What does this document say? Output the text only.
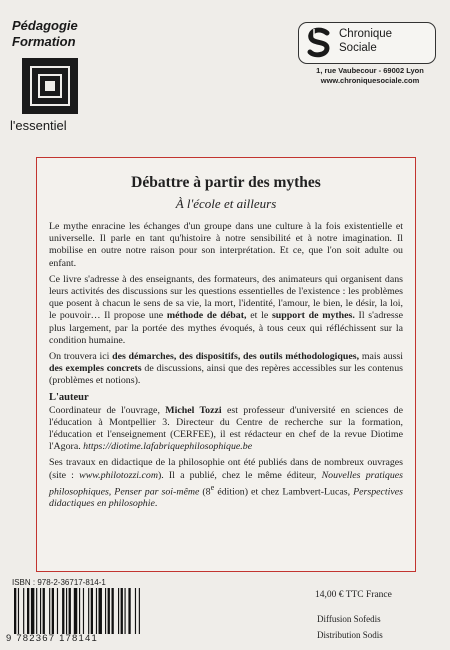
Pédagogie
Formation
l'essentiel
Chronique
Sociale
1, rue Vaubecour - 69002 Lyon
www.chroniquesociale.com
Débattre à partir des mythes
À l'école et ailleurs

Le mythe enracine les échanges d'un groupe dans une culture à la fois existentielle et universelle. Il parle en tant qu'histoire à notre sensibilité et à notre imagination. Il mobilise en outre notre raison pour son interprétation. Et ce, que l'on soit adulte ou enfant.

Ce livre s'adresse à des enseignants, des formateurs, des animateurs qui organisent dans leurs activités des discussions sur les questions essentielles de l'existence : les problèmes que posent à chacun le sens de sa vie, la mort, l'identité, l'amour, le bien, le désir, la loi, le pouvoir… Il propose une méthode de débat, et le support de mythes. Il s'adresse plus largement, par la portée des mythes évoqués, à tous ceux qui réfléchissent sur la condition humaine.

On trouvera ici des démarches, des dispositifs, des outils méthodologiques, mais aussi des exemples concrets de discussions, ainsi que des repères accessibles sur les contenus (problèmes et notions).

L'auteur

Coordinateur de l'ouvrage, Michel Tozzi est professeur d'université en sciences de l'éducation à Montpellier 3. Directeur du Centre de recherche sur la formation, l'éducation et l'enseignement (CERFEE), il est rédacteur en chef de la revue Diotime l'Agora. https://diotime.lafabriquephilosophique.be

Ses travaux en didactique de la philosophie ont été publiés dans de nombreux ouvrages (site : www.philotozzi.com). Il a publié, chez le même éditeur, Nouvelles pratiques philosophiques, Penser par soi-même (8e édition) et chez Lambvert-Lucas, Perspectives didactiques en philosophie.

ISBN : 978-2-36717-814-1
9 782367 178141
14,00 € TTC France
Diffusion Sofedis
Distribution Sodis
